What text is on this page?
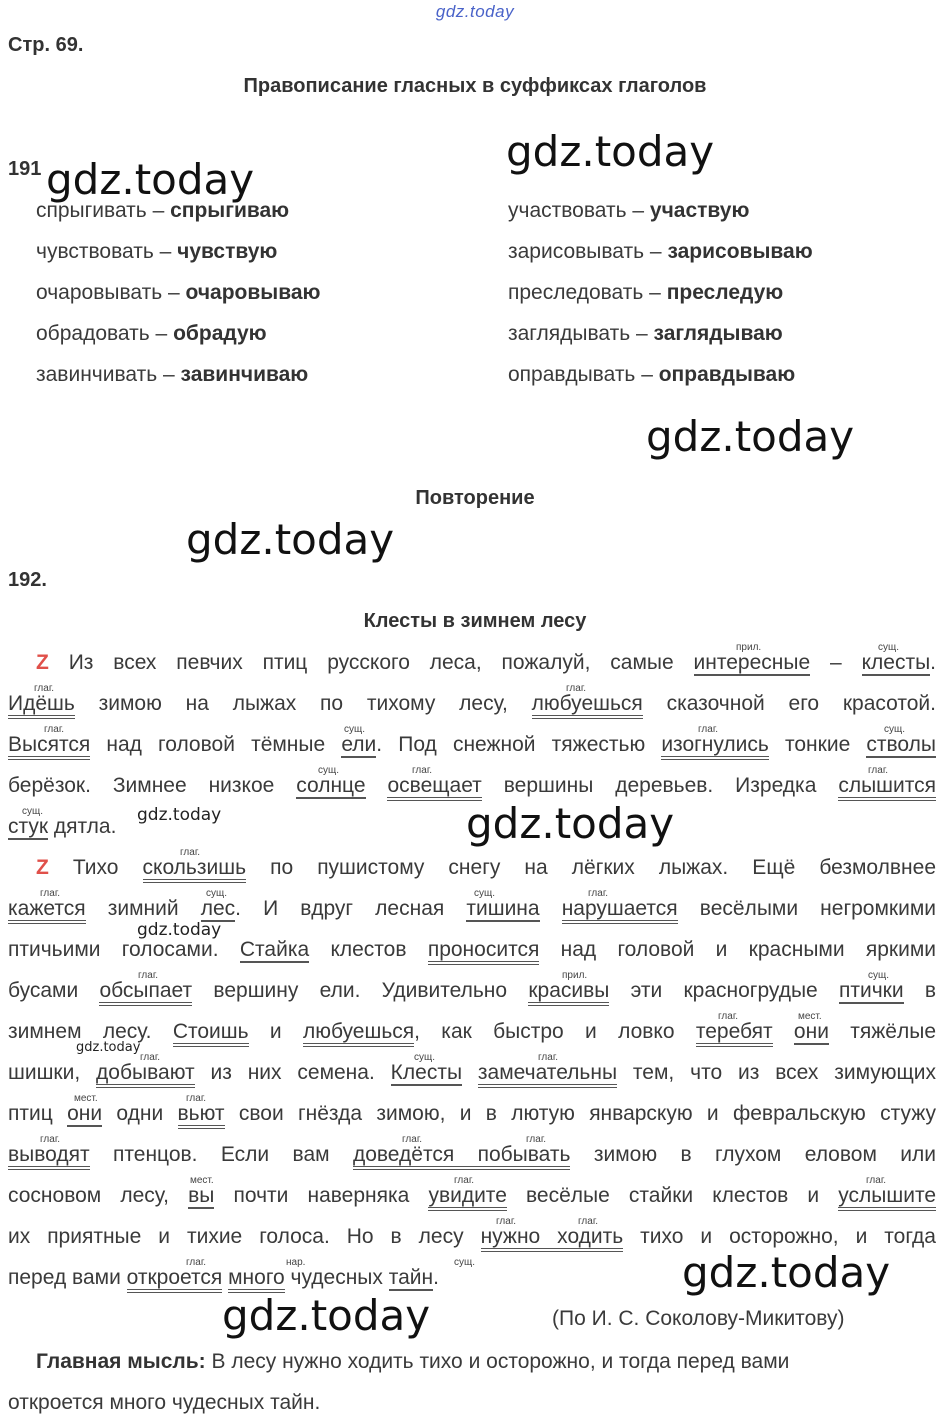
gdz.today
Стр. 69.
Правописание гласных в суффиксах глаголов
191
спрыгивать – спрыгиваю
чувствовать – чувствую
очаровывать – очаровываю
обрадовать – обрадую
завинчивать – завинчиваю
участвовать – участвую
зарисовывать – зарисовываю
преследовать – преследую
заглядывать – заглядываю
оправдывать – оправдываю
Повторение
192.
Клесты в зимнем лесу
Z Из всех певчих птиц русского леса, пожалуй, самые интересные – клесты.
Идёшь зимою на лыжах по тихому лесу, любуешься сказочной его красотой.
Высятся над головой тёмные ели. Под снежной тяжестью изогнулись тонкие стволы
берёзок. Зимнее низкое солнце освещает вершины деревьев. Изредка слышится
стук дятла.
Z Тихо скользишь по пушистому снегу на лёгких лыжах. Ещё безмолвнее
кажется зимний лес. И вдруг лесная тишина нарушается весёлыми негромкими
птичьими голосами. Стайка клестов проносится над головой и красными яркими
бусами обсыпает вершину ели. Удивительно красивы эти красногрудые птички в
зимнем лесу. Стоишь и любуешься, как быстро и ловко теребят они тяжёлые
шишки, добывают из них семена. Клесты замечательны тем, что из всех зимующих
птиц они одни вьют свои гнёзда зимою, и в лютую январскую и февральскую стужу
выводят птенцов. Если вам доведётся побывать зимою в глухом еловом или
сосновом лесу, вы почти наверняка увидите весёлые стайки клестов и услышите
их приятные и тихие голоса. Но в лесу нужно ходить тихо и осторожно, и тогда
перед вами откроется много чудесных тайн.
прил.	сущ.
глаг.	глаг.
глаг.	сущ.	глаг.	сущ.
сущ.	глаг.	глаг.
сущ.
глаг.
глаг.	сущ.	сущ.	глаг.
глаг.	прил.	сущ.
глаг.	мест.
глаг.	сущ.	глаг.
мест.	глаг.
глаг.	глаг.	глаг.
мест.	глаг.	глаг.
глаг.	глаг.
глаг.	нар.	сущ.
(По И. С. Соколову-Микитову)
Главная мысль: В лесу нужно ходить тихо и осторожно, и тогда перед вами
откроется много чудесных тайн.
gdz.today
gdz.today
gdz.today
gdz.today
gdz.today
gdz.today
gdz.today
gdz.today
gdz.today
gdz.today
